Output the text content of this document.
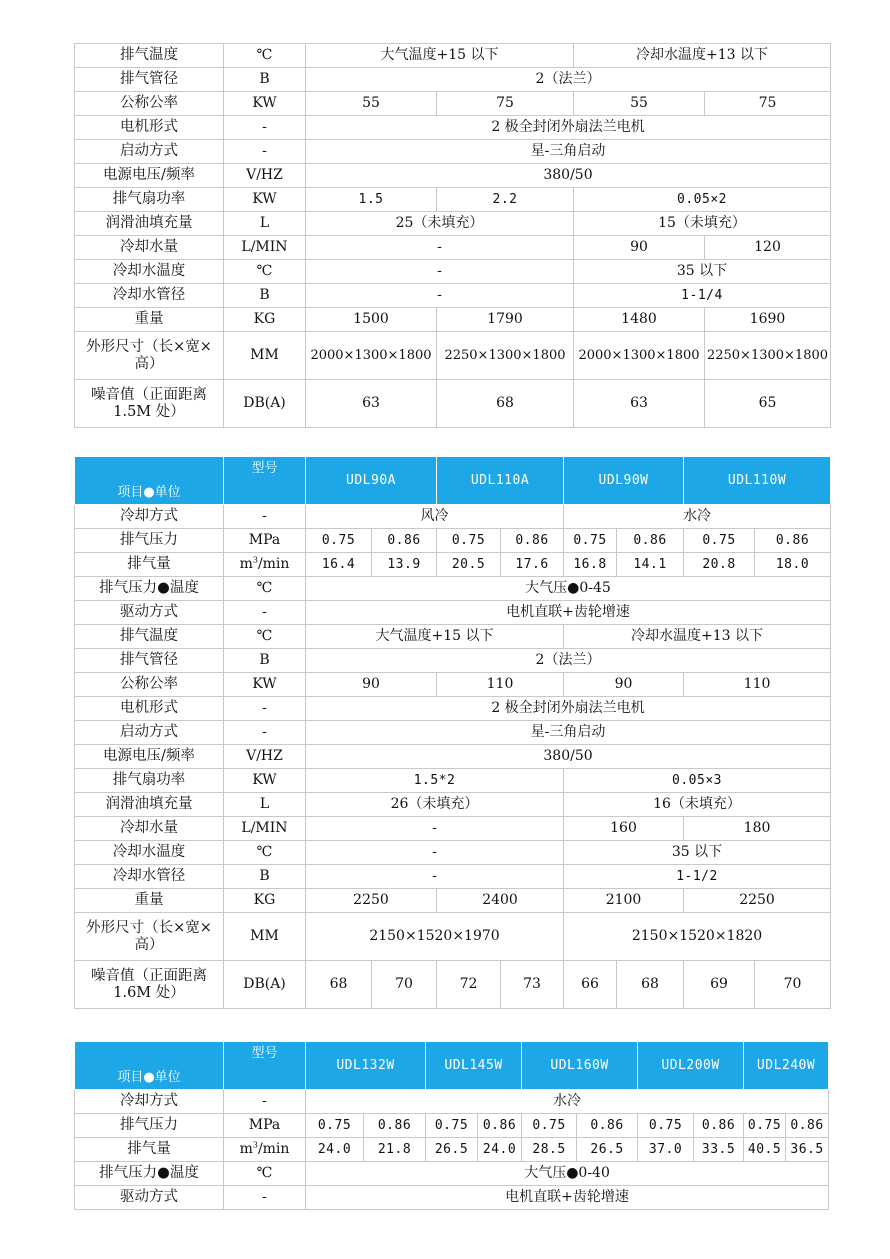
排气温度	℃	大气温度+15 以下		冷却水温度+13 以下	
排气管径	B	2（法兰）			
公称公率	KW	55	75	55	75
电机形式	-	2 极全封闭外扇法兰电机			
启动方式	-	星-三角启动			
电源电压/频率	V/HZ	380/50			
排气扇功率	KW	1.5	2.2	0.05×2	
润滑油填充量	L	25（未填充）		15（未填充）	
冷却水量	L/MIN	-		90	120
冷却水温度	℃	-		35 以下	
冷却水管径	B	-		1-1/4	
重量	KG	1500	1790	1480	1690
外形尺寸（长×宽×高）	MM	2000×1300×1800	2250×1300×1800	2000×1300×1800	2250×1300×1800
噪音值（正面距离1.5M 处）	DB(A)	63	68	63	65
	型号	UDL90A		UDL110A		UDL90W		UDL110W	
项目●单位									
冷却方式	-	风冷				水冷			
排气压力	MPa	0.75	0.86	0.75	0.86	0.75	0.86	0.75	0.86
排气量	$m^3/\min$	16.4	13.9	20.5	17.6	16.8	14.1	20.8	18.0
排气压力●温度	℃	大气压●0-45							
驱动方式	-	电机直联+齿轮增速							
排气温度	℃	大气温度+15 以下				冷却水温度+13 以下			
排气管径	B	2（法兰）							
公称公率	KW	90		110		90		110	
电机形式	-	2 极全封闭外扇法兰电机							
启动方式	-	星-三角启动							
电源电压/频率	V/HZ	380/50							
排气扇功率	KW	1.5*2				0.05×3			
润滑油填充量	L	26（未填充）				16（未填充）			
冷却水量	L/MIN	-				160		180	
冷却水温度	℃	-				35 以下			
冷却水管径	B	-				1-1/2			
重量	KG	2250		2400		2100		2250	
外形尺寸（长×宽×高）	MM	2150×1520×1970				2150×1520×1820			
噪音值（正面距离1.6M 处）	DB(A)	68	70	72	73	66	68	69	70
	型号	UDL132W		UDL145W		UDL160W		UDL200W		UDL240W	
项目●单位											
冷却方式	-	水冷									
排气压力	MPa	0.75	0.86	0.75	0.86	0.75	0.86	0.75	0.86	0.75	0.86
排气量	$m^3/\min$	24.0	21.8	26.5	24.0	28.5	26.5	37.0	33.5	40.5	36.5
排气压力●温度	℃	大气压●0-40									
驱动方式	-	电机直联+齿轮增速									
